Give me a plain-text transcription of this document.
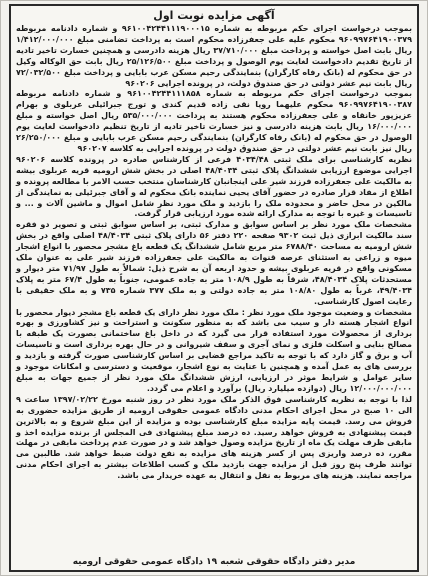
آگهی مزایده نوبت اول

بموجب درخواست اجرای حکم مربوطه به شماره ۹۶۱۰۰۴۲۴۴۱۱۱۹۰۰۰۱۵ و شماره دادنامه مربوطه ۹۶۰۹۹۷۶۴۱۹۰۰۳۷۹ محکوم علیه علی جعفرزاده محکوم است به پرداخت تضامنی مبلغ ۱/۴۱۲/۰۰۰/۰۰۰ ریال بابت اصل خواسته و پرداخت مبلغ ۳۷/۷۱۰/۰۰۰ ریال هزینه دادرسی و همچنین خسارت تاخیر تادیه از تاریخ تقدیم دادخواست لغایت یوم الوصول و پرداخت مبلغ ۲۵/۱۲۶/۵۰۰ ریال بابت حق الوکاله وکیل در حق محکوم له (بانک رفاه کارگران) بنمایندگی رحیم مسکن عرب بابایی و پرداخت مبلغ ۷۲/۰۳۲/۵۰۰ ریال بابت نیم عشر دولتی در حق صندوق دولت، در پرونده اجرایی ۹۶۰۲۰۶

بموجب درخواست اجرای حکم مربوطه به شماره ۹۶۱۰۰۴۲۴۴۱۱۱۸۵۸ و شماره دادنامه مربوطه ۹۶۰۹۹۷۶۴۱۹۰۰۳۸۷ محکوم علیهما رویا نقی زاده قدیم کندی و تورج جبرائیلی عربلوی و بهرام عزیزپور خانقاه و علی جعفرزاده محکوم هستند به پرداخت ۵۳۵/۰۰۰/۰۰۰ ریال اصل خواسته و مبلغ ۱۶/۰۰۰/۰۰۰ ریال بابت هزینه دادرسی و نیز خسارت تاخیر تادیه از تاریخ تنظیم دادخواست لغایت یوم الوصول در حق محکوم له (بانک رفاه کارگران) بنمایندگی رحیم مسکن عرب بابایی و مبلغ ۲۶/۲۵۰/۰۰۰ ریال نیز بابت نیم عشر دولتی در حق صندوق دولت در پرونده اجرایی به کلاسه ۹۶۰۲۰۷

نظریه کارشناسی برای ملک ثبتی ۴۰۳۴/۴۸ فرعی از کارشناس صادره در پرونده کلاسه ۹۶۰۲۰۶ اجرایی موضوع ارزیابی ششدانگ پلاک ثبتی ۴۸/۴۰۳۴ اصلی در بخش شش ارومیه قریه عربلوی بیشه به مالکیت علی جعفرزاده فرزند شیر علی اینجانبان کارشناسان منتخب حسب الامر با مطالعه پرونده و اطلاع از مفاد قرار صادره در حضور آقای یحیی نماینده بانک محکوم له و آقای جبرئیلی به نمایندگی از مالکین در محل حاضر و محدوده ملک را بازدید و ملک مورد نظر شامل اموال و ماشین آلات و ... و تاسیسات و غیره با توجه به مدارک ارائه شده مورد ارزیابی قرار گرفت.

مشخصات ملک مورد نظر بر اساس سوابق و مدارک ثبتی، بر اساس سوابق ثبتی و تصویر دو فقره سند مالکیت ابرازی ذیل ثبت ۹۳۰۲ صفحه ۲۲۰ دفتر ۵۶ دارای پلاک ثبتی ۴۸/۴۰۳۴ اصلی واقع در بخش شش ارومیه به مساحت ۶۷۸۸/۴۰ متر مربع شامل ششدانگ یک قطعه باغ مشجر محصور با انواع اشجار میوه و زراعی به استثنای عرصه قنوات به مالکیت علی جعفرزاده فرزند شیر علی به عنوان ملک مسکونی واقع در قریه عربلوی بیشه و حدود اربعه آن به شرح ذیل: شمالاً به طول ۷۱/۹۷ متر دیوار و مستحدثات پلاک ۴۸/۴۰۳۴، شرقاً به طول ۱۰۸/۹ متر به جاده عمومی، جنوباً به طول ۶۷/۴ متر به پلاک ۴۹/۴۰۳۴، غرباً به طول ۱۰۸/۸۰ متر به جاده دولتی و به ملک ۳۷۷ شماره ۷۳۵ و به ملک حقیقی با رعایت اصول کارشناسی.

مشخصات و وضعیت موجود ملک مورد نظر : ملک مورد نظر دارای یک قطعه باغ مشجر دیوار محصور با انواع اشجار هسته دار و سیب می باشد که به منظور سکونت و استراحت و نیز کشاورزی و بهره برداری از محصولات مورد استفاده قرار می گیرد که در داخل باغ ساختمانی بصورت یک طبقه با مصالح بنایی و اسکلت فلزی و نمای آجری و سقف شیروانی و در حال بهره برداری است و تاسیسات آب و برق و گاز دارد که با توجه به تاکید مراجع قضایی بر اساس کارشناسی صورت گرفته و بازدید و بررسی های به عمل آمده و همچنین با عنایت به نوع اشجار، موقعیت و دسترسی و امکانات موجود و سایر عوامل و شرایط موثر در ارزیابی، ارزش ششدانگ ملک مورد نظر از جمیع جهات به مبلغ ۱۲/۰۰۰/۰۰۰/۰۰۰ ریال (دوازده میلیارد ریال) برآورد و اعلام می گردد.

لذا با توجه به نظریه کارشناسی فوق الذکر ملک مورد نظر در روز شنبه مورخ ۱۳۹۷/۰۲/۲۲ ساعت ۹ الی ۱۰ صبح در محل اجرای احکام مدنی دادگاه عمومی حقوقی ارومیه از طریق مزایده حضوری به فروش می رسد. قیمت پایه مزایده مبلغ کارشناسی بوده و مزایده از این مبلغ شروع و به بالاترین قیمت پیشنهادی به فروش خواهد رسید. ده درصد مبلغ پیشنهادی فی المجلس از برنده مزایده اخذ و مابقی ظرف مهلت یک ماه از تاریخ مزایده وصول خواهد شد و در صورت عدم پرداخت مابقی در مهلت مقرر، ده درصد واریزی پس از کسر هزینه های مزایده به نفع دولت ضبط خواهد شد. طالبین می توانند ظرف پنج روز قبل از مزایده جهت بازدید ملک و کسب اطلاعات بیشتر به اجرای احکام مدنی مراجعه نمایند. هزینه های مربوط به نقل و انتقال به عهده خریدار می باشد.

مدیر دفتر دادگاه حقوقی شعبه ۱۹ دادگاه عمومی حقوقی ارومیه
